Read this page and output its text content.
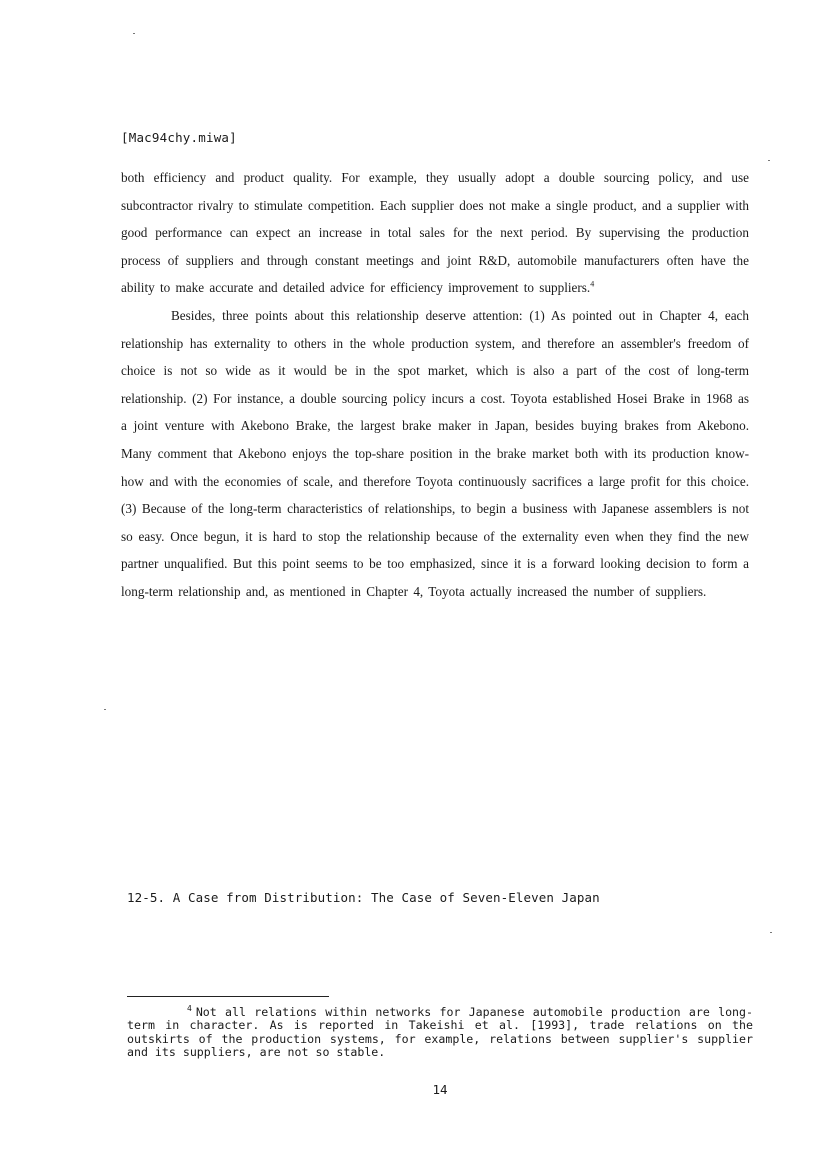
[Mac94chy.miwa]

both efficiency and product quality. For example, they usually adopt a double sourcing policy, and use subcontractor rivalry to stimulate competition. Each supplier does not make a single product, and a supplier with good performance can expect an increase in total sales for the next period. By supervising the production process of suppliers and through constant meetings and joint R&D, automobile manufacturers often have the ability to make accurate and detailed advice for efficiency improvement to suppliers.$^4$

Besides, three points about this relationship deserve attention: (1) As pointed out in Chapter 4, each relationship has externality to others in the whole production system, and therefore an assembler's freedom of choice is not so wide as it would be in the spot market, which is also a part of the cost of long-term relationship. (2) For instance, a double sourcing policy incurs a cost. Toyota established Hosei Brake in 1968 as a joint venture with Akebono Brake, the largest brake maker in Japan, besides buying brakes from Akebono. Many comment that Akebono enjoys the top-share position in the brake market both with its production know-how and with the economies of scale, and therefore Toyota continuously sacrifices a large profit for this choice. (3) Because of the long-term characteristics of relationships, to begin a business with Japanese assemblers is not so easy. Once begun, it is hard to stop the relationship because of the externality even when they find the new partner unqualified. But this point seems to be too emphasized, since it is a forward looking decision to form a long-term relationship and, as mentioned in Chapter 4, Toyota actually increased the number of suppliers.

12-5. A Case from Distribution: The Case of Seven-Eleven Japan

$^4$ Not all relations within networks for Japanese automobile production are long-term in character. As is reported in Takeishi et al. [1993], trade relations on the outskirts of the production systems, for example, relations between supplier's supplier and its suppliers, are not so stable.

14
